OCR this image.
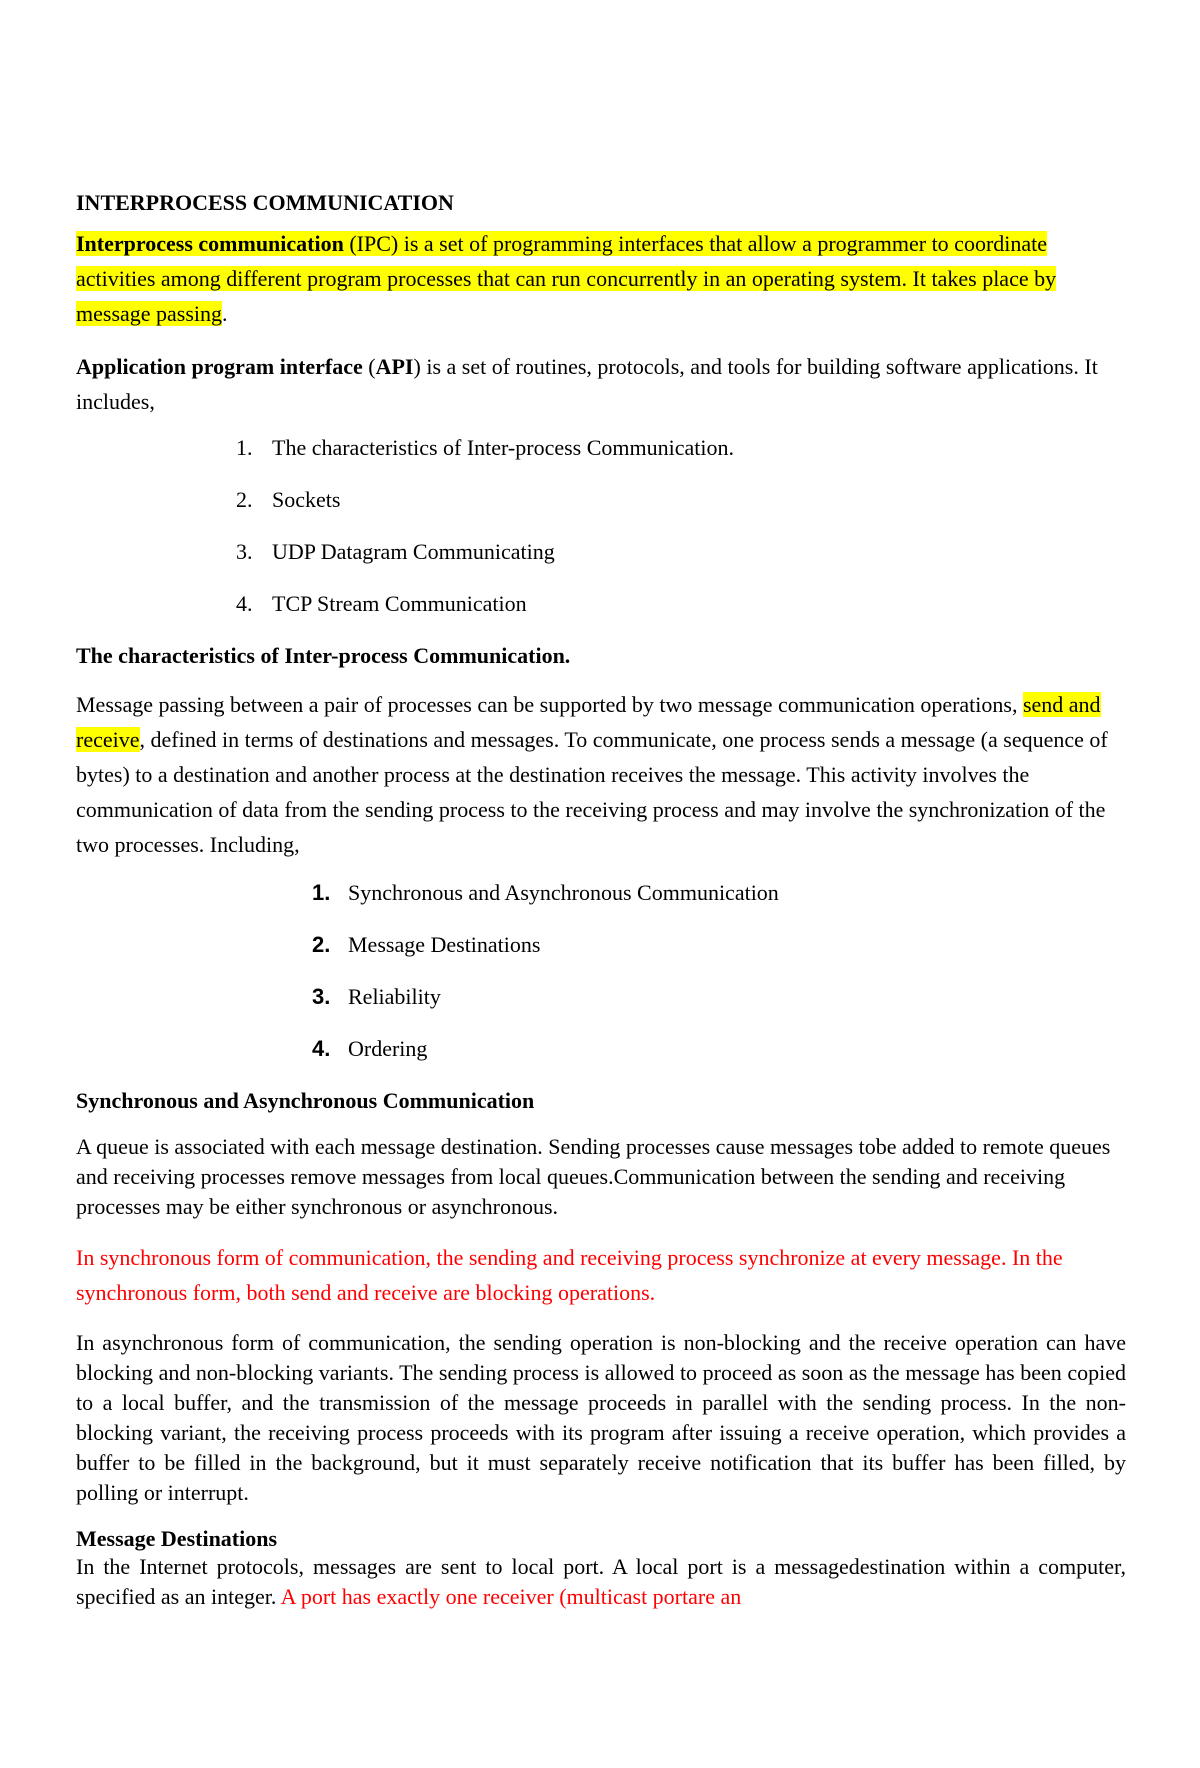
INTERPROCESS COMMUNICATION

Interprocess communication (IPC) is a set of programming interfaces that allow a programmer to coordinate activities among different program processes that can run concurrently in an operating system. It takes place by message passing.

Application program interface (API) is a set of routines, protocols, and tools for building software applications. It includes,

1. The characteristics of Inter-process Communication.
2. Sockets
3. UDP Datagram Communicating
4. TCP Stream Communication

The characteristics of Inter-process Communication.

Message passing between a pair of processes can be supported by two message communication operations, send and receive, defined in terms of destinations and messages. To communicate, one process sends a message (a sequence of bytes) to a destination and another process at the destination receives the message. This activity involves the communication of data from the sending process to the receiving process and may involve the synchronization of the two processes. Including,

1. Synchronous and Asynchronous Communication
2. Message Destinations
3. Reliability
4. Ordering

Synchronous and Asynchronous Communication

A queue is associated with each message destination. Sending processes cause messages tobe added to remote queues and receiving processes remove messages from local queues.Communication between the sending and receiving processes may be either synchronous or asynchronous.

In synchronous form of communication, the sending and receiving process synchronize at every message. In the synchronous form, both send and receive are blocking operations.

In asynchronous form of communication, the sending operation is non-blocking and the receive operation can have blocking and non-blocking variants. The sending process is allowed to proceed as soon as the message has been copied to a local buffer, and the transmission of the message proceeds in parallel with the sending process. In the non-blocking variant, the receiving process proceeds with its program after issuing a receive operation, which provides a buffer to be filled in the background, but it must separately receive notification that its buffer has been filled, by polling or interrupt.

Message Destinations

In the Internet protocols, messages are sent to local port. A local port is a messagedestination within a computer, specified as an integer. A port has exactly one receiver (multicast portare an
